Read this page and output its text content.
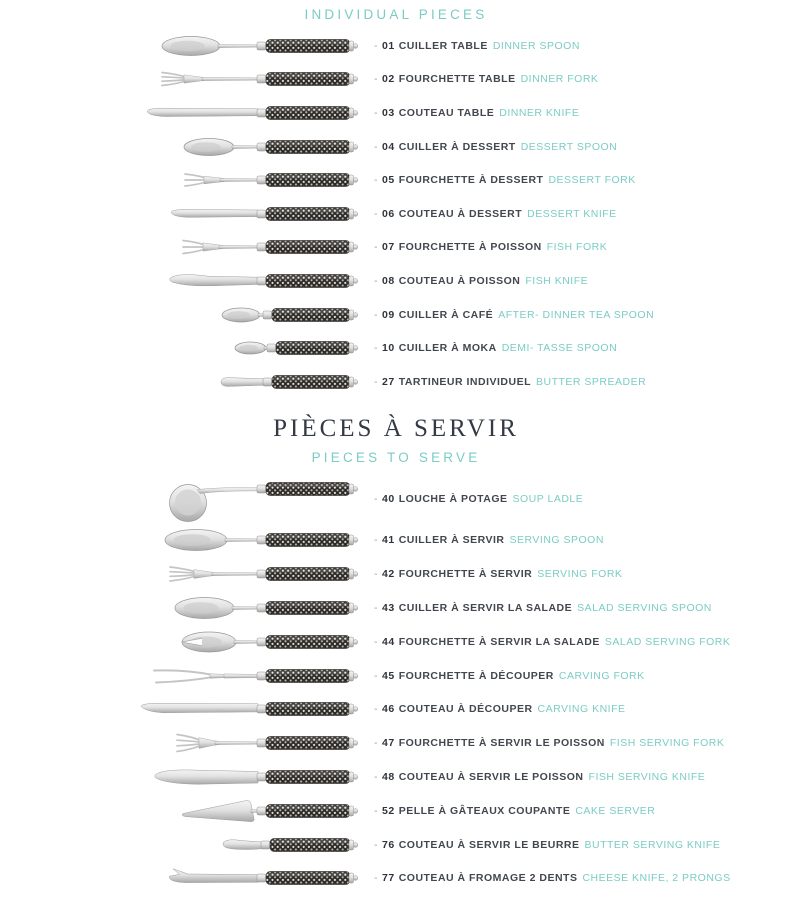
INDIVIDUAL PIECES
- 01 CUILLER TABLE DINNER SPOON
- 02 FOURCHETTE TABLE DINNER FORK
- 03 COUTEAU TABLE DINNER KNIFE
- 04 CUILLER À DESSERT DESSERT SPOON
- 05 FOURCHETTE À DESSERT DESSERT FORK
- 06 COUTEAU À DESSERT DESSERT KNIFE
- 07 FOURCHETTE À POISSON FISH FORK
- 08 COUTEAU À POISSON FISH KNIFE
- 09 CUILLER À CAFÉ AFTER- DINNER TEA SPOON
- 10 CUILLER À MOKA DEMI- TASSE SPOON
- 27 TARTINEUR INDIVIDUEL BUTTER SPREADER
PIÈCES À SERVIR
PIECES TO SERVE
- 40 LOUCHE À POTAGE SOUP LADLE
- 41 CUILLER À SERVIR SERVING SPOON
- 42 FOURCHETTE À SERVIR SERVING FORK
- 43 CUILLER À SERVIR LA SALADE SALAD SERVING SPOON
- 44 FOURCHETTE À SERVIR LA SALADE SALAD SERVING FORK
- 45 FOURCHETTE À DÉCOUPER CARVING FORK
- 46 COUTEAU À DÉCOUPER CARVING KNIFE
- 47 FOURCHETTE À SERVIR LE POISSON FISH SERVING FORK
- 48 COUTEAU À SERVIR LE POISSON FISH SERVING KNIFE
- 52 PELLE À GÂTEAUX COUPANTE CAKE SERVER
- 76 COUTEAU À SERVIR LE BEURRE BUTTER SERVING KNIFE
- 77 COUTEAU À FROMAGE 2 DENTS CHEESE KNIFE, 2 PRONGS
